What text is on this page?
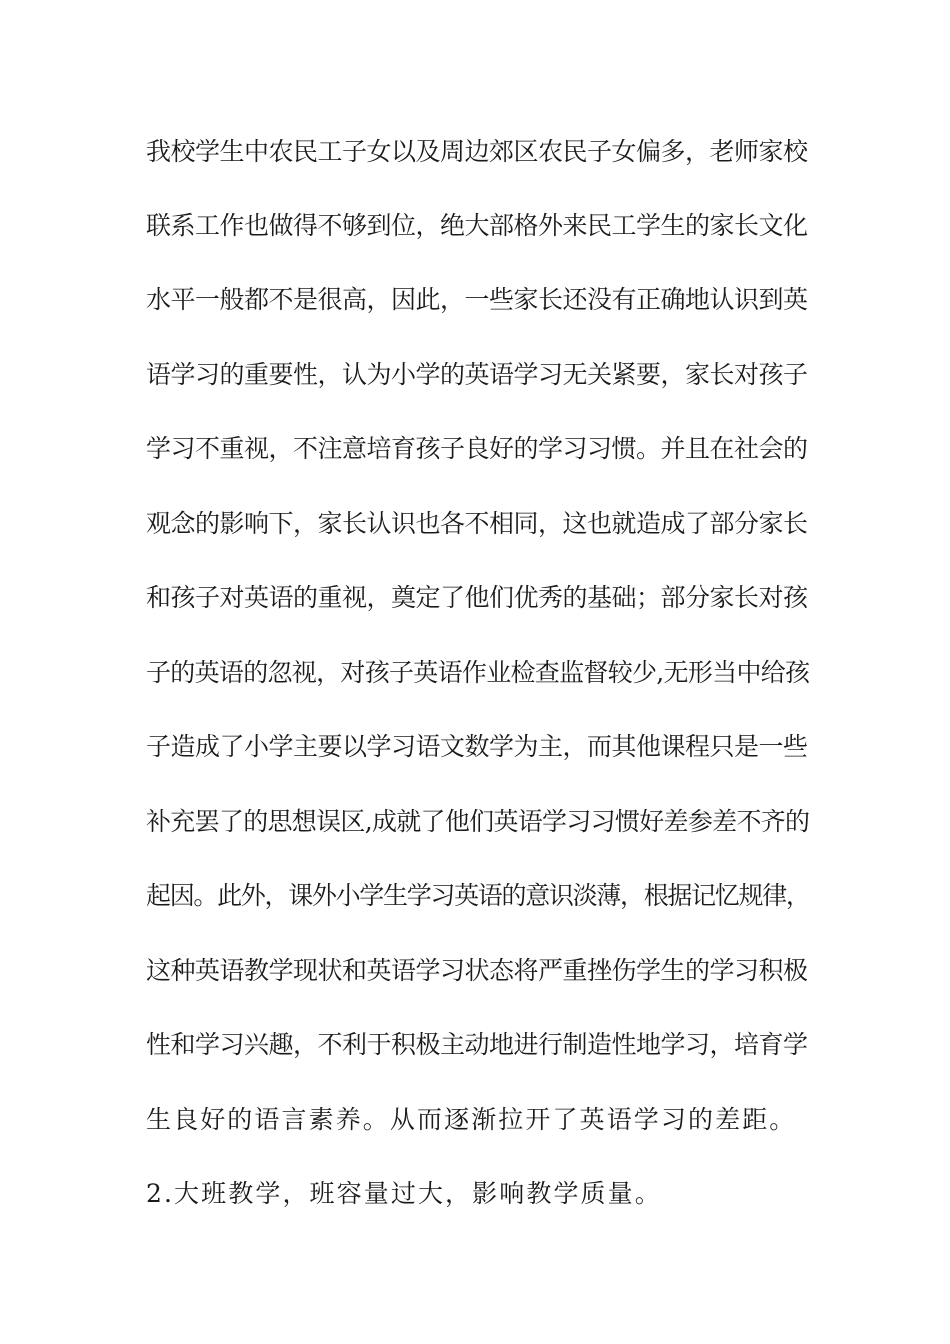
我校学生中农民工子女以及周边郊区农民子女偏多，老师家校
联系工作也做得不够到位，绝大部格外来民工学生的家长文化
水平一般都不是很高，因此，一些家长还没有正确地认识到英
语学习的重要性，认为小学的英语学习无关紧要，家长对孩子
学习不重视，不注意培育孩子良好的学习习惯。并且在社会的
观念的影响下，家长认识也各不相同，这也就造成了部分家长
和孩子对英语的重视，奠定了他们优秀的基础；部分家长对孩
子的英语的忽视，对孩子英语作业检查监督较少,无形当中给孩
子造成了小学主要以学习语文数学为主，而其他课程只是一些
补充罢了的思想误区,成就了他们英语学习习惯好差参差不齐的
起因。此外，课外小学生学习英语的意识淡薄，根据记忆规律，
这种英语教学现状和英语学习状态将严重挫伤学生的学习积极
性和学习兴趣，不利于积极主动地进行制造性地学习，培育学
生良好的语言素养。从而逐渐拉开了英语学习的差距。
2.大班教学，班容量过大，影响教学质量。
